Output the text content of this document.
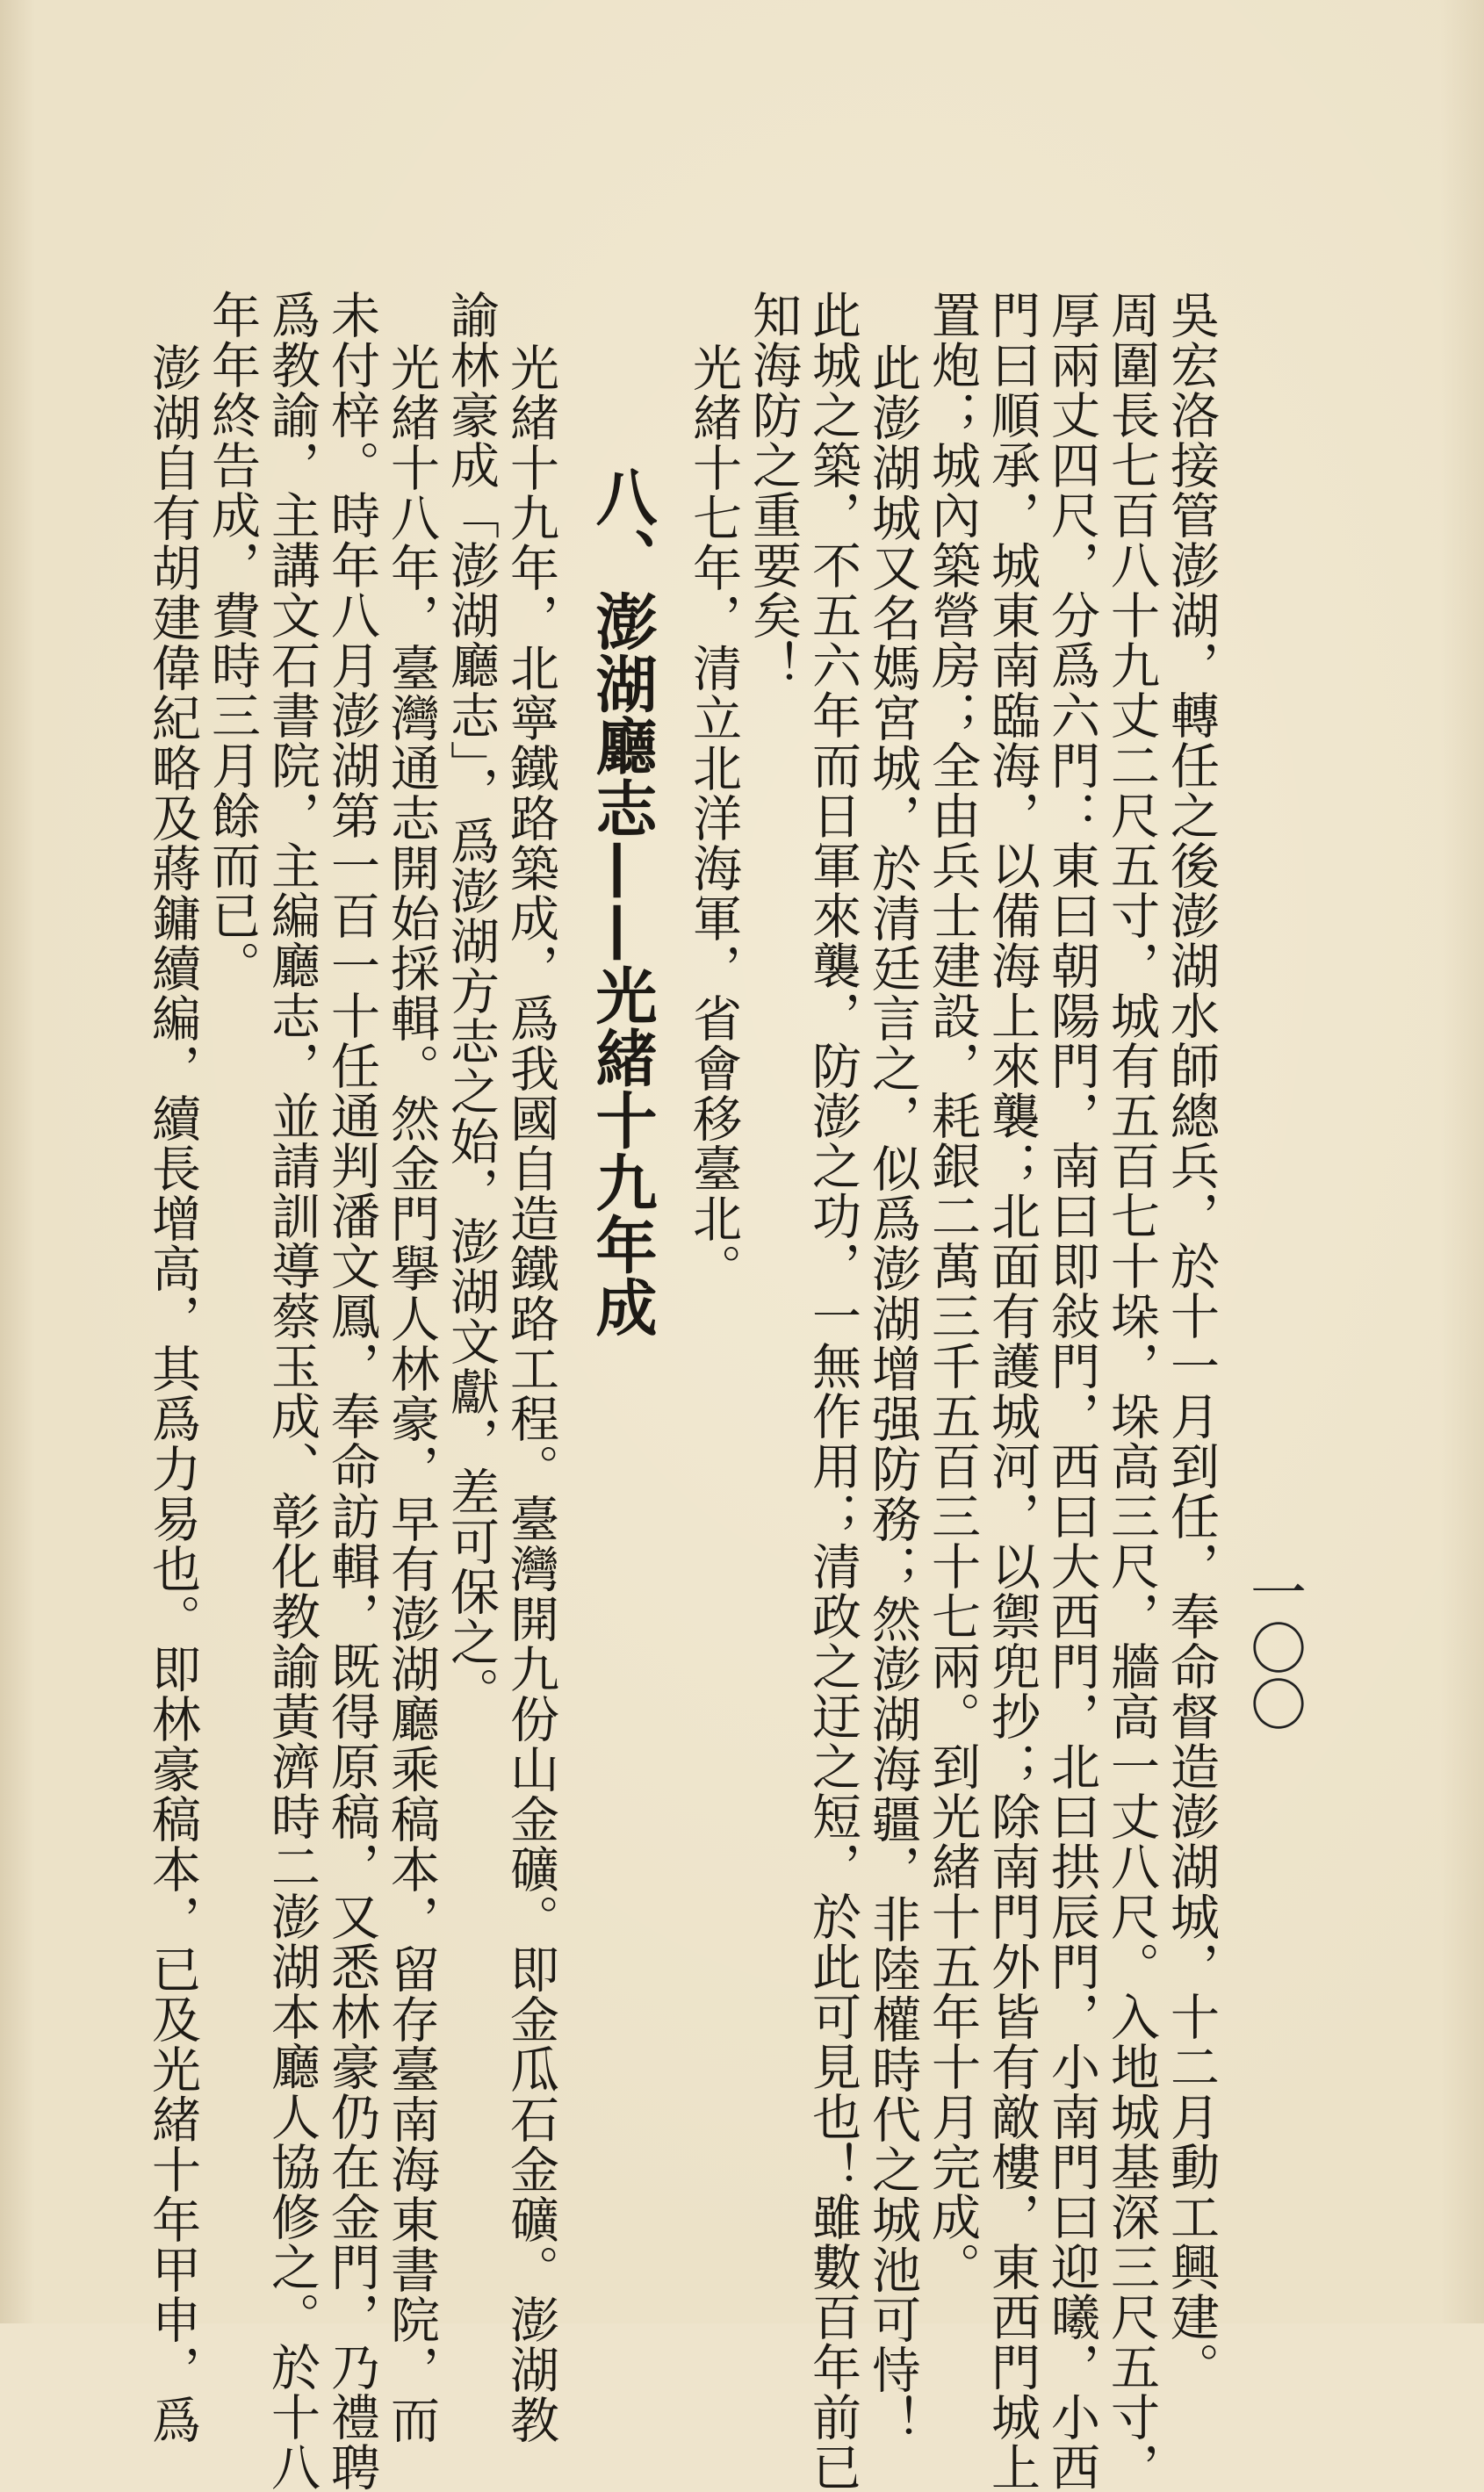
一〇〇
吳宏洛接管澎湖，轉任之後澎湖水師總兵，於十一月到任，奉命督造澎湖城，十二月動工興建。
周圍長七百八十九丈二尺五寸，城有五百七十垛，垛高三尺，牆高一丈八尺。入地城基深三尺五寸，
厚兩丈四尺，分爲六門：東曰朝陽門，南曰即敍門，西曰大西門，北曰拱辰門，小南門曰迎曦，小西
門曰順承，城東南臨海，以備海上來襲；北面有護城河，以禦兜抄；除南門外皆有敵樓，東西門城上
置炮；城內築營房；全由兵士建設，耗銀二萬三千五百三十七兩。到光緒十五年十月完成。
此澎湖城又名媽宮城，於清廷言之，似爲澎湖增强防務；然澎湖海疆，非陸權時代之城池可恃！
此城之築，不五六年而日軍來襲，防澎之功，一無作用；清政之迂之短，於此可見也！雖數百年前已
知海防之重要矣！
光緒十七年，清立北洋海軍，省會移臺北。
八、澎湖廳志——光緒十九年成
光緒十九年，北寧鐵路築成，爲我國自造鐵路工程。臺灣開九份山金礦。即金瓜石金礦。澎湖教
諭林豪成「澎湖廳志」，爲澎湖方志之始，澎湖文獻，差可保之。
光緒十八年，臺灣通志開始採輯。然金門擧人林豪，早有澎湖廳乘稿本，留存臺南海東書院，而
未付梓。時年八月澎湖第一百一十任通判潘文鳳，奉命訪輯，既得原稿，又悉林豪仍在金門，乃禮聘
爲教諭，主講文石書院，主編廳志，並請訓導蔡玉成、彰化教諭黃濟時二澎湖本廳人協修之。於十八
年年終告成，費時三月餘而已。
澎湖自有胡建偉紀略及蔣鏞續編，續長增高，其爲力易也。即林豪稿本，已及光緒十年甲申，爲
